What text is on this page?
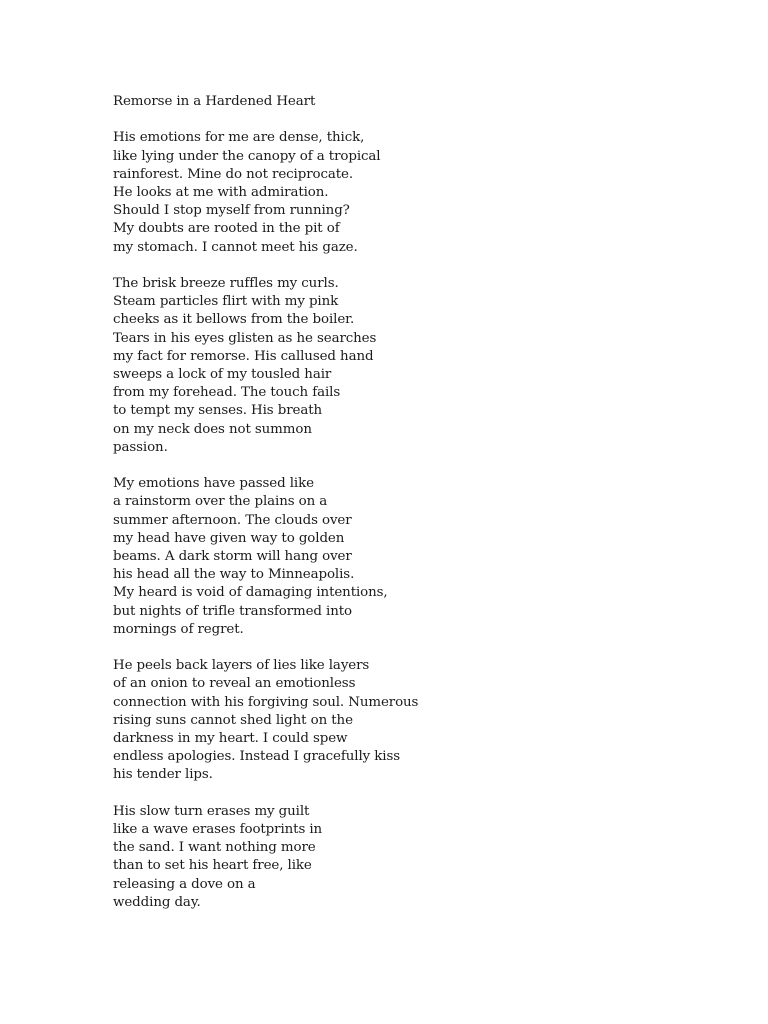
Remorse in a Hardened Heart
His emotions for me are dense, thick,
like lying under the canopy of a tropical
rainforest. Mine do not reciprocate.
He looks at me with admiration.
Should I stop myself from running?
My doubts are rooted in the pit of
my stomach. I cannot meet his gaze.
The brisk breeze ruffles my curls.
Steam particles flirt with my pink
cheeks as it bellows from the boiler.
Tears in his eyes glisten as he searches
my fact for remorse. His callused hand
sweeps a lock of my tousled hair
from my forehead. The touch fails
to tempt my senses. His breath
on my neck does not summon
passion.
My emotions have passed like
a rainstorm over the plains on a
summer afternoon. The clouds over
my head have given way to golden
beams. A dark storm will hang over
his head all the way to Minneapolis.
My heard is void of damaging intentions,
but nights of trifle transformed into
mornings of regret.
He peels back layers of lies like layers
of an onion to reveal an emotionless
connection with his forgiving soul. Numerous
rising suns cannot shed light on the
darkness in my heart. I could spew
endless apologies. Instead I gracefully kiss
his tender lips.
His slow turn erases my guilt
like a wave erases footprints in
the sand. I want nothing more
than to set his heart free, like
releasing a dove on a
wedding day.
